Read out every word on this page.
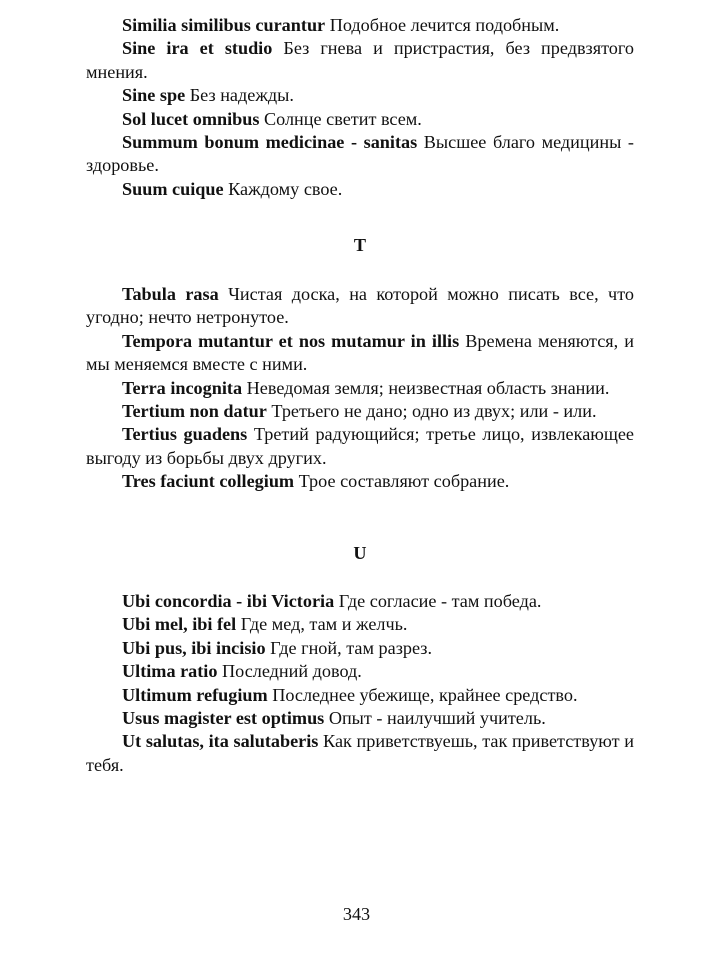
Similia similibus curantur Подобное лечится подобным.

Sine ira et studio Без гнева и пристрастия, без предвзятого мнения.

Sine spe Без надежды.

Sol lucet omnibus Солнце светит всем.

Summum bonum medicinae - sanitas Высшее благо медицины - здоровье.

Suum cuique Каждому свое.

T

Tabula rasa Чистая доска, на которой можно писать все, что угодно; нечто нетронутое.

Tempora mutantur et nos mutamur in illis Времена меняются, и мы меняемся вместе с ними.

Terra incognita Неведомая земля; неизвестная область знании.

Tertium non datur Третьего не дано; одно из двух; или - или.

Tertius guadens Третий радующийся; третье лицо, извлекающее выгоду из борьбы двух других.

Tres faciunt collegium Трое составляют собрание.

U

Ubi concordia - ibi Victoria Где согласие - там победа.

Ubi mel, ibi fel Где мед, там и желчь.

Ubi pus, ibi incisio Где гной, там разрез.

Ultima ratio Последний довод.

Ultimum refugium Последнее убежище, крайнее средство.

Usus magister est optimus Опыт - наилучший учитель.

Ut salutas, ita salutaberis Как приветствуешь, так приветствуют и тебя.

343
